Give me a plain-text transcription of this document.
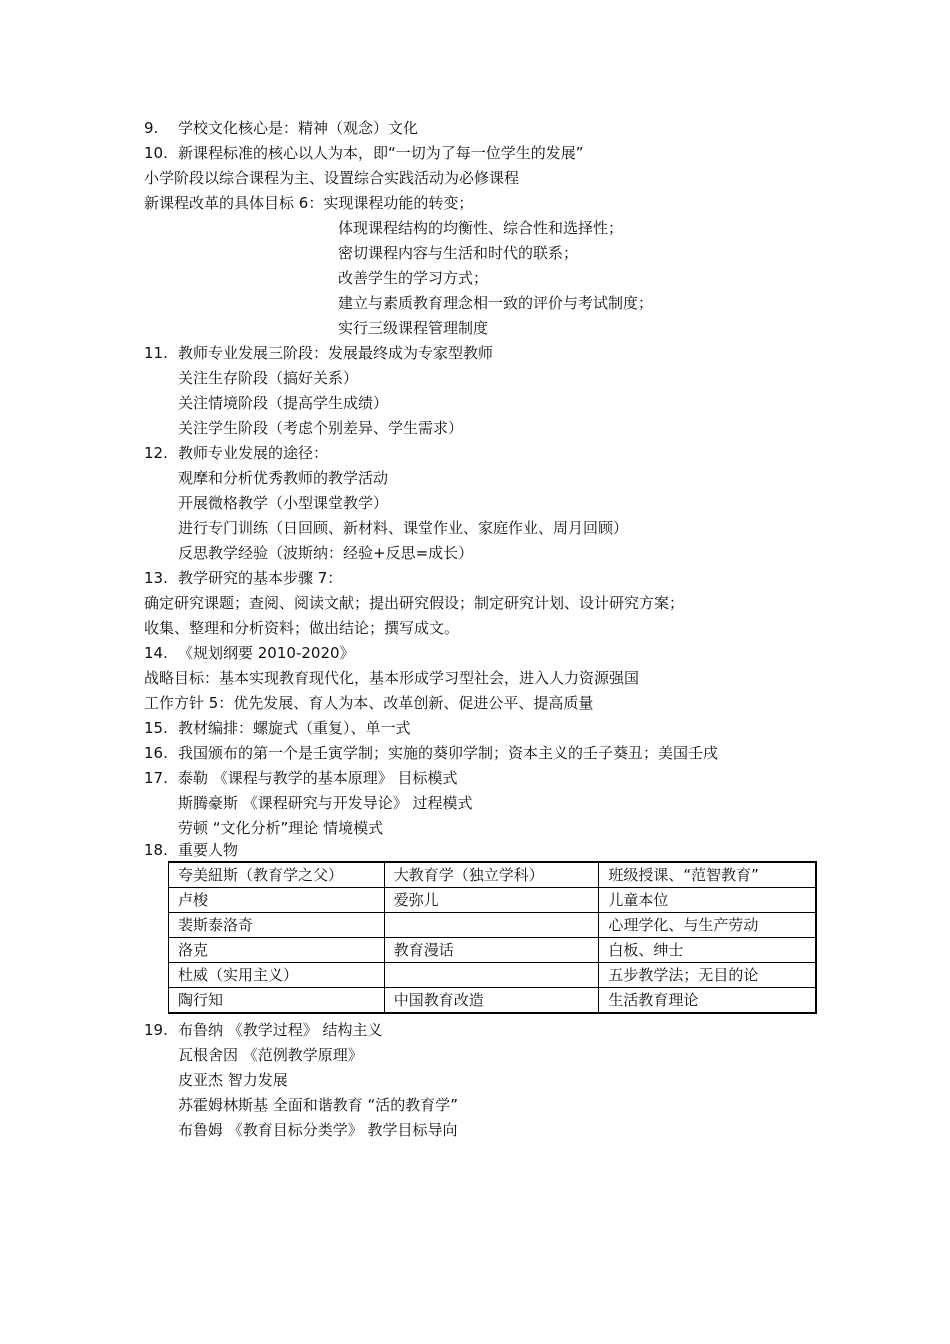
9. 学校文化核心是：精神（观念）文化
10. 新课程标准的核心以人为本，即“一切为了每一位学生的发展”
小学阶段以综合课程为主、设置综合实践活动为必修课程
新课程改革的具体目标 6：实现课程功能的转变；
体现课程结构的均衡性、综合性和选择性；
密切课程内容与生活和时代的联系；
改善学生的学习方式；
建立与素质教育理念相一致的评价与考试制度；
实行三级课程管理制度
11. 教师专业发展三阶段：发展最终成为专家型教师
关注生存阶段（搞好关系）
关注情境阶段（提高学生成绩）
关注学生阶段（考虑个别差异、学生需求）
12. 教师专业发展的途径：
观摩和分析优秀教师的教学活动
开展微格教学（小型课堂教学）
进行专门训练（日回顾、新材料、课堂作业、家庭作业、周月回顾）
反思教学经验（波斯纳：经验+反思=成长）
13. 教学研究的基本步骤 7：
确定研究课题；查阅、阅读文献；提出研究假设；制定研究计划、设计研究方案；
收集、整理和分析资料；做出结论；撰写成文。
14. 《规划纲要 2010-2020》
战略目标：基本实现教育现代化，基本形成学习型社会，进入人力资源强国
工作方针 5：优先发展、育人为本、改革创新、促进公平、提高质量
15. 教材编排：螺旋式（重复）、单一式
16. 我国颁布的第一个是壬寅学制；实施的葵卯学制；资本主义的壬子葵丑；美国壬戌
17. 泰勒 《课程与教学的基本原理》 目标模式
斯腾豪斯 《课程研究与开发导论》 过程模式
劳顿 “文化分析”理论 情境模式
18. 重要人物
夸美紐斯（教育学之父）	大教育学（独立学科）	班级授课、“范智教育”
卢梭	爱弥儿	儿童本位
裴斯泰洛奇		心理学化、与生产劳动
洛克	教育漫话	白板、绅士
杜威（实用主义）		五步教学法；无目的论
陶行知	中国教育改造	生活教育理论
19. 布鲁纳 《教学过程》 结构主义
瓦根舍因 《范例教学原理》
皮亚杰 智力发展
苏霍姆林斯基 全面和谐教育 “活的教育学”
布鲁姆 《教育目标分类学》 教学目标导向
